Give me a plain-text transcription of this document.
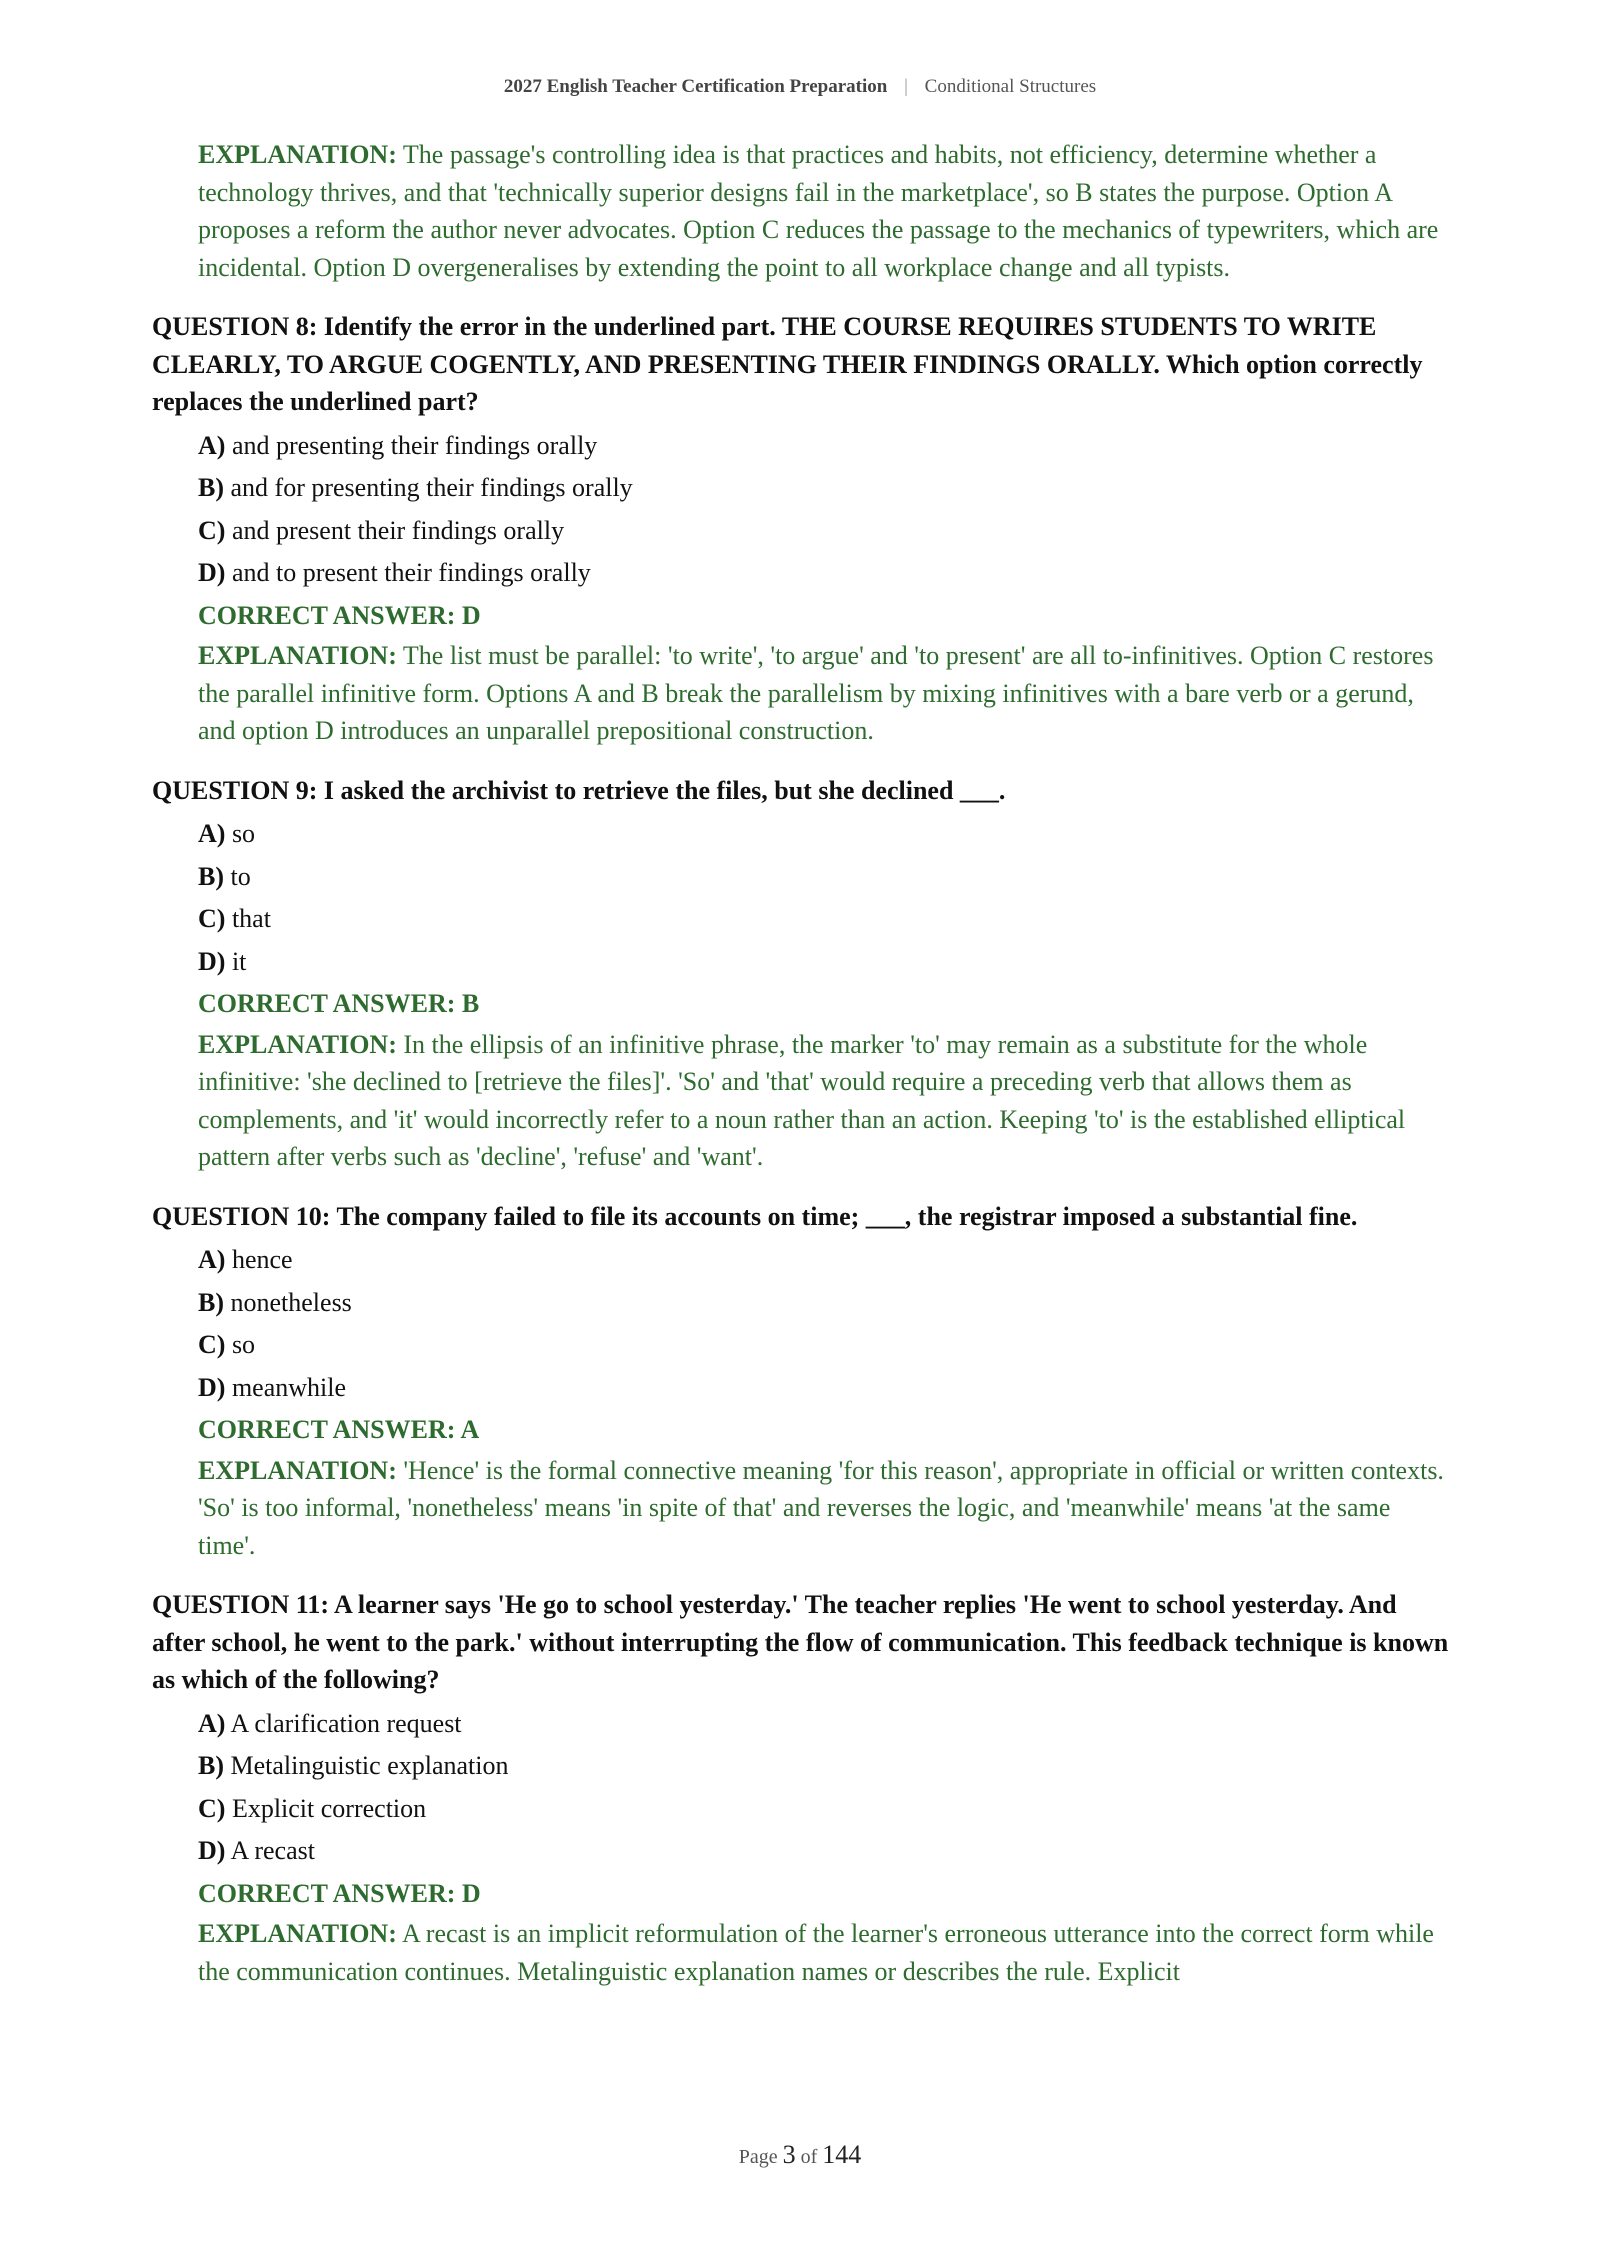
2027 English Teacher Certification Preparation | Conditional Structures
EXPLANATION: The passage's controlling idea is that practices and habits, not efficiency, determine whether a technology thrives, and that 'technically superior designs fail in the marketplace', so B states the purpose. Option A proposes a reform the author never advocates. Option C reduces the passage to the mechanics of typewriters, which are incidental. Option D overgeneralises by extending the point to all workplace change and all typists.
QUESTION 8: Identify the error in the underlined part. THE COURSE REQUIRES STUDENTS TO WRITE CLEARLY, TO ARGUE COGENTLY, AND PRESENTING THEIR FINDINGS ORALLY. Which option correctly replaces the underlined part?
A) and presenting their findings orally
B) and for presenting their findings orally
C) and present their findings orally
D) and to present their findings orally
CORRECT ANSWER: D
EXPLANATION: The list must be parallel: 'to write', 'to argue' and 'to present' are all to-infinitives. Option C restores the parallel infinitive form. Options A and B break the parallelism by mixing infinitives with a bare verb or a gerund, and option D introduces an unparallel prepositional construction.
QUESTION 9: I asked the archivist to retrieve the files, but she declined ___.
A) so
B) to
C) that
D) it
CORRECT ANSWER: B
EXPLANATION: In the ellipsis of an infinitive phrase, the marker 'to' may remain as a substitute for the whole infinitive: 'she declined to [retrieve the files]'. 'So' and 'that' would require a preceding verb that allows them as complements, and 'it' would incorrectly refer to a noun rather than an action. Keeping 'to' is the established elliptical pattern after verbs such as 'decline', 'refuse' and 'want'.
QUESTION 10: The company failed to file its accounts on time; ___, the registrar imposed a substantial fine.
A) hence
B) nonetheless
C) so
D) meanwhile
CORRECT ANSWER: A
EXPLANATION: 'Hence' is the formal connective meaning 'for this reason', appropriate in official or written contexts. 'So' is too informal, 'nonetheless' means 'in spite of that' and reverses the logic, and 'meanwhile' means 'at the same time'.
QUESTION 11: A learner says 'He go to school yesterday.' The teacher replies 'He went to school yesterday. And after school, he went to the park.' without interrupting the flow of communication. This feedback technique is known as which of the following?
A) A clarification request
B) Metalinguistic explanation
C) Explicit correction
D) A recast
CORRECT ANSWER: D
EXPLANATION: A recast is an implicit reformulation of the learner's erroneous utterance into the correct form while the communication continues. Metalinguistic explanation names or describes the rule. Explicit
Page 3 of 144
